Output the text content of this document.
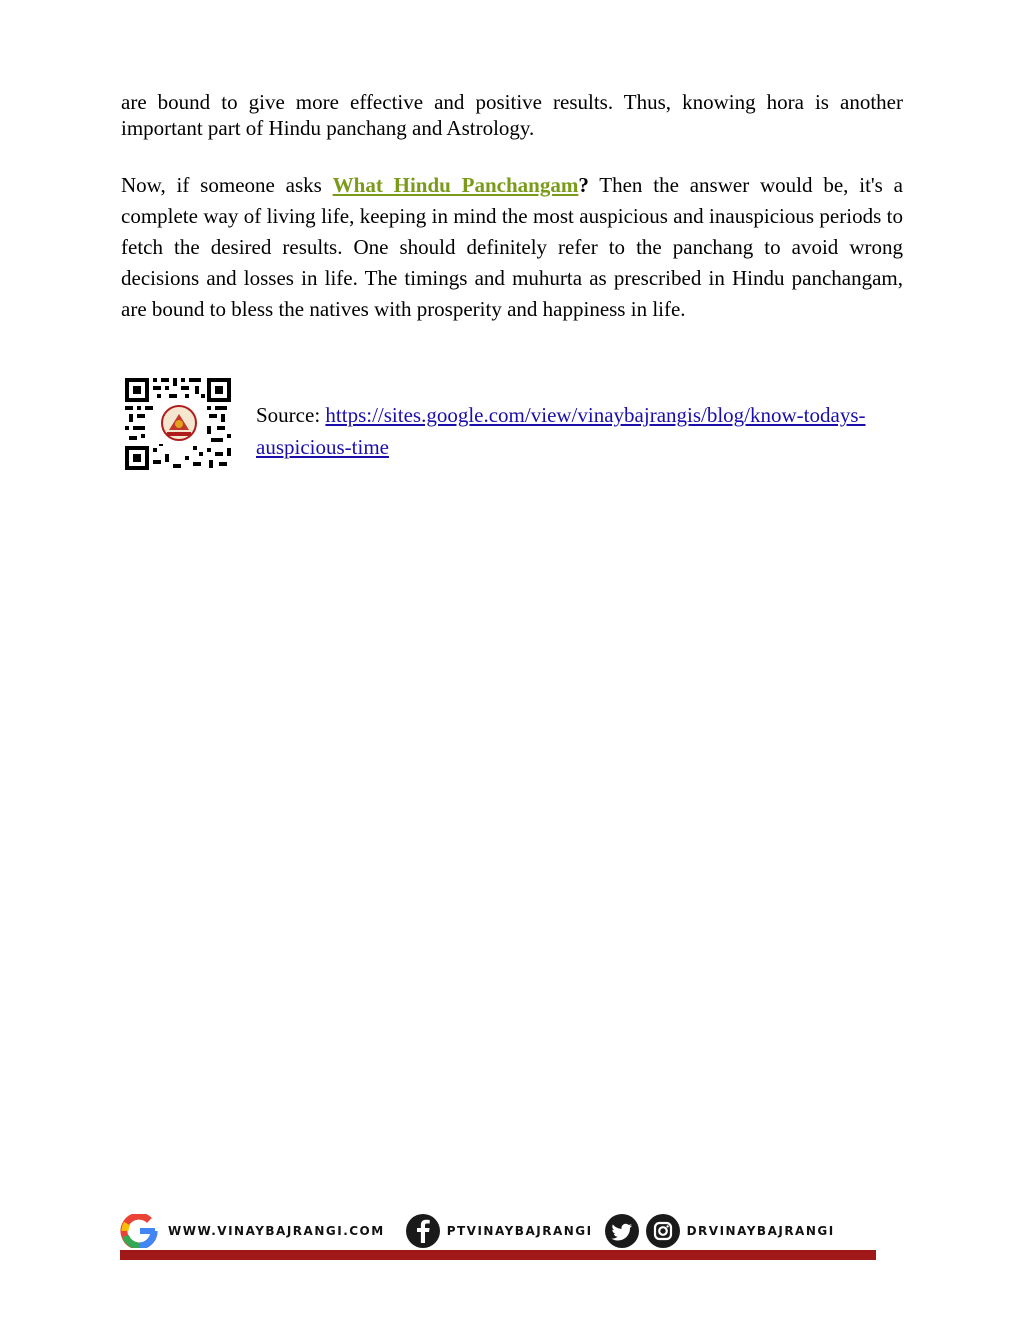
are bound to give more effective and positive results. Thus, knowing hora is another important part of Hindu panchang and Astrology.

Now, if someone asks What Hindu Panchangam? Then the answer would be, it's a complete way of living life, keeping in mind the most auspicious and inauspicious periods to fetch the desired results. One should definitely refer to the panchang to avoid wrong decisions and losses in life. The timings and muhurta as prescribed in Hindu panchangam, are bound to bless the natives with prosperity and happiness in life.

Source: https://sites.google.com/view/vinaybajrangis/blog/know-todays-auspicious-time

WWW.VINAYBAJRANGI.COM	PTVINAYBAJRANGI	DRVINAYBAJRANGI
